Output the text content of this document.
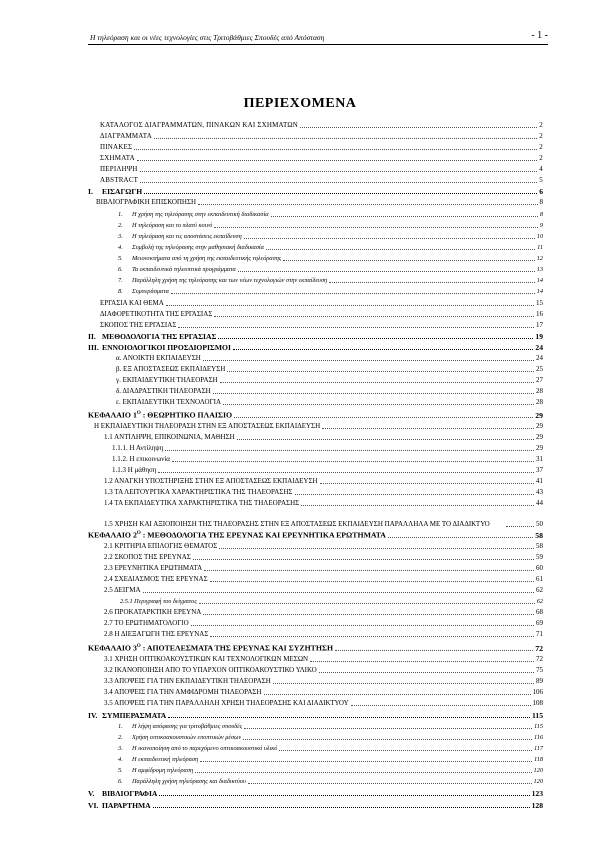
Η τηλεόραση και οι νέες τεχνολογίες στις Τριτοβάθμιες Σπουδές από Απόσταση	- 1 -
ΠΕΡΙΕΧΟΜΕΝΑ
ΚΑΤΑΛΟΓΟΣ ΔΙΑΓΡΑΜΜΑΤΩΝ, ΠΙΝΑΚΩΝ ΚΑΙ ΣΧΗΜΑΤΩΝ	2
ΔΙΑΓΡΑΜΜΑΤΑ	2
ΠΙΝΑΚΕΣ	2
ΣΧΗΜΑΤΑ	2
ΠΕΡΙΛΗΨΗ	4
ABSTRACT	5
I.	ΕΙΣΑΓΩΓΗ	6
ΒΙΒΛΙΟΓΡΑΦΙΚΗ ΕΠΙΣΚΟΠΗΣΗ	8
1.	Η χρήση της τηλεόρασης στην εκπαιδευτική διαδικασία	8
2.	Η τηλεόραση και το πλατύ κοινό	9
3.	Η τηλεόραση και τις αποστάσεις εκπαίδευση	10
4.	Συμβολή της τηλεόρασης στην μαθησιακή διαδικασία	11
5.	Μειονεκτήματα από τη χρήση της εκπαιδευτικής τηλεόρασης	12
6.	Τα εκπαιδευτικά τηλεοπτικά προγράμματα	13
7.	Παράλληλη χρήση της τηλεόρασης και των νέων τεχνολογιών στην εκπαίδευση	14
8.	Συμπεράσματα	14
ΕΡΓΑΣΙΑ ΚΑΙ ΘΕΜΑ	15
ΔΙΑΦΟΡΕΤΙΚΟΤΗΤΑ ΤΗΣ ΕΡΓΑΣΙΑΣ	16
ΣΚΟΠΟΣ ΤΗΣ ΕΡΓΑΣΙΑΣ	17
II. ΜΕΘΟΔΟΛΟΓΙΑ ΤΗΣ ΕΡΓΑΣΙΑΣ	19
III. ΕΝΝΟΙΟΛΟΓΙΚΟΙ ΠΡΟΣΔΙΟΡΙΣΜΟΙ	24
α. ΑΝΟΙΚΤΗ ΕΚΠΑΙΔΕΥΣΗ	24
β. ΕΞ ΑΠΟΣΤΑΣΕΩΣ ΕΚΠΑΙΔΕΥΣΗ	25
γ. ΕΚΠΑΙΔΕΥΤΙΚΗ ΤΗΛΕΟΡΑΣΗ	27
δ. ΔΙΑΔΡΑΣΤΙΚΗ ΤΗΛΕΟΡΑΣΗ	28
ε. ΕΚΠΑΙΔΕΥΤΙΚΗ ΤΕΧΝΟΛΟΓΙΑ	28
ΚΕΦΑΛΑΙΟ $1^O$ : ΘΕΩΡΗΤΙΚΟ ΠΛΑΙΣΙΟ	29
Η ΕΚΠΑΙΔΕΥΤΙΚΗ ΤΗΛΕΟΡΑΣΗ ΣΤΗΝ ΕΞ ΑΠΟΣΤΑΣΕΩΣ ΕΚΠΑΙΔΕΥΣΗ	29
1.1 ΑΝΤΙΛΗΨΗ, ΕΠΙΚΟΙΝΩΝΙΑ, ΜΑΘΗΣΗ	29
1.1.1. Η Αντίληψη	29
1.1.2. Η επικοινωνία	31
1.1.3 Η μάθηση	37
1.2 ΑΝΑΓΚΗ ΥΠΟΣΤΗΡΙΞΗΣ ΣΤΗΝ ΕΞ ΑΠΟΣΤΑΣΕΩΣ ΕΚΠΑΙΔΕΥΣΗ	41
1.3 ΤΑ ΛΕΙΤΟΥΡΓΙΚΑ ΧΑΡΑΚΤΗΡΙΣΤΙΚΑ ΤΗΣ ΤΗΛΕΟΡΑΣΗΣ	43
1.4 ΤΑ ΕΚΠΑΙΔΕΥΤΙΚΑ ΧΑΡΑΚΤΗΡΙΣΤΙΚΑ ΤΗΣ ΤΗΛΕΟΡΑΣΗΣ	44
1.5 ΧΡΗΣΗ ΚΑΙ ΑΞΙΟΠΟΙΗΣΗ ΤΗΣ ΤΗΛΕΟΡΑΣΗΣ ΣΤΗΝ ΕΞ ΑΠΟΣΤΑΣΕΩΣ ΕΚΠΑΙΔΕΥΣΗ ΠΑΡΑΛΛΗΛΑ ΜΕ ΤΟ ΔΙΑΔΙΚΤΥΟ	50
ΚΕΦΑΛΑΙΟ $2^O$ : ΜΕΘΟΔΟΛΟΓΙΑ ΤΗΣ ΕΡΕΥΝΑΣ ΚΑΙ ΕΡΕΥΝΗΤΙΚΑ ΕΡΩΤΗΜΑΤΑ	58
2.1 ΚΡΙΤΗΡΙΑ ΕΠΙΛΟΓΗΣ ΘΕΜΑΤΟΣ	58
2.2 ΣΚΟΠΟΣ ΤΗΣ ΕΡΕΥΝΑΣ	59
2.3 ΕΡΕΥΝΗΤΙΚΑ ΕΡΩΤΗΜΑΤΑ	60
2.4 ΣΧΕΔΙΑΣΜΟΣ ΤΗΣ ΕΡΕΥΝΑΣ	61
2.5 ΔΕΙΓΜΑ	62
2.5.1 Περιγραφή του δείγματος	62
2.6 ΠΡΟΚΑΤΑΡΚΤΙΚΗ ΕΡΕΥΝΑ	68
2.7 ΤΟ ΕΡΩΤΗΜΑΤΟΛΟΓΙΟ	69
2.8 Η ΔΙΕΞΑΓΩΓΗ ΤΗΣ ΕΡΕΥΝΑΣ	71
ΚΕΦΑΛΑΙΟ $3^O$ : ΑΠΟΤΕΛΕΣΜΑΤΑ ΤΗΣ ΕΡΕΥΝΑΣ ΚΑΙ ΣΥΖΗΤΗΣΗ	72
3.1 ΧΡΗΣΗ ΟΠΤΙΚΟΑΚΟΥΣΤΙΚΩΝ ΚΑΙ ΤΕΧΝΟΛΟΓΙΚΩΝ ΜΕΣΩΝ	72
3.2 ΙΚΑΝΟΠΟΙΗΣΗ ΑΠΟ ΤΟ ΥΠΑΡΧΟΝ ΟΠΤΙΚΟΑΚΟΥΣΤΙΚΟ ΥΛΙΚΟ	75
3.3 ΑΠΟΨΕΙΣ ΓΙΑ ΤΗΝ ΕΚΠΑΙΔΕΥΤΙΚΗ ΤΗΛΕΟΡΑΣΗ	89
3.4 ΑΠΟΨΕΙΣ ΓΙΑ ΤΗΝ ΑΜΦΙΔΡΟΜΗ ΤΗΛΕΟΡΑΣΗ	106
3.5 ΑΠΟΨΕΙΣ ΓΙΑ ΤΗΝ ΠΑΡΑΛΛΗΛΗ ΧΡΗΣΗ ΤΗΛΕΟΡΑΣΗΣ ΚΑΙ ΔΙΑΔΙΚΤΥΟΥ	108
IV. ΣΥΜΠΕΡΑΣΜΑΤΑ	115
1.	Η λήψη απόφασης για τριτοβάθμιες σπουδές	115
2.	Χρήση οπτικοακουστικών εποπτικών μέσων	116
3.	Η ικανοποίηση από το παρεχόμενο οπτικοακουστικό υλικό	117
4.	Η εκπαιδευτική τηλεόραση	118
5.	Η αμφίδρομη τηλεόραση	120
6.	Παράλληλη χρήση τηλεόρασης και διαδικτύου	120
V. ΒΙΒΛΙΟΓΡΑΦΙΑ	123
VI. ΠΑΡΑΡΤΗΜΑ	128
